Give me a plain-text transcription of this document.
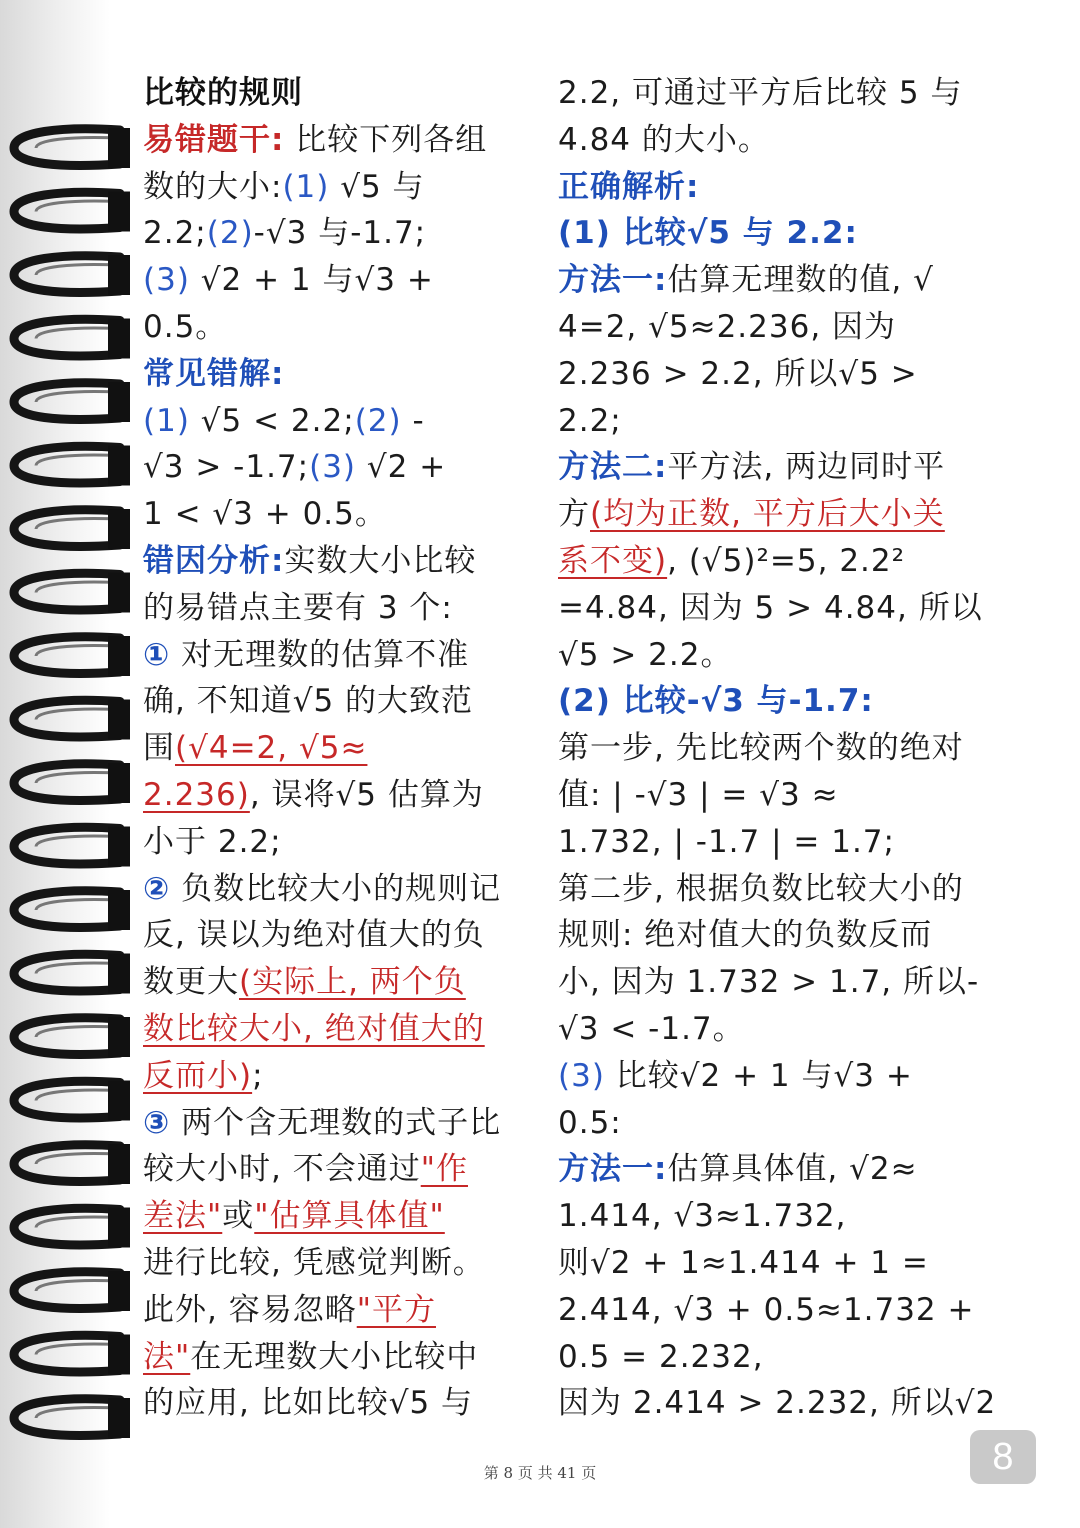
比较的规则
易错题干: 比较下列各组
数的大小:(1) √5 与
2.2;(2)-√3 与-1.7;
(3) √2 + 1 与√3 +
0.5。
常见错解:
(1) √5 < 2.2;(2) -
√3 > -1.7;(3) √2 +
1 < √3 + 0.5。
错因分析:实数大小比较
的易错点主要有 3 个:
① 对无理数的估算不准
确, 不知道√5 的大致范
围(√4=2, √5≈
2.236), 误将√5 估算为
小于 2.2;
② 负数比较大小的规则记
反, 误以为绝对值大的负
数更大(实际上, 两个负
数比较大小, 绝对值大的
反而小);
③ 两个含无理数的式子比
较大小时, 不会通过"作
差法"或"估算具体值"
进行比较, 凭感觉判断。
此外, 容易忽略"平方
法"在无理数大小比较中
的应用, 比如比较√5 与
2.2, 可通过平方后比较 5 与
4.84 的大小。
正确解析:
(1) 比较√5 与 2.2:
方法一:估算无理数的值, √
4=2, √5≈2.236, 因为
2.236 > 2.2, 所以√5 >
2.2;
方法二:平方法, 两边同时平
方(均为正数, 平方后大小关
系不变), (√5)²=5, 2.2²
=4.84, 因为 5 > 4.84, 所以
√5 > 2.2。
(2) 比较-√3 与-1.7:
第一步, 先比较两个数的绝对
值: | -√3 | = √3 ≈
1.732, | -1.7 | = 1.7;
第二步, 根据负数比较大小的
规则: 绝对值大的负数反而
小, 因为 1.732 > 1.7, 所以-
√3 < -1.7。
(3) 比较√2 + 1 与√3 +
0.5:
方法一:估算具体值, √2≈
1.414, √3≈1.732,
则√2 + 1≈1.414 + 1 =
2.414, √3 + 0.5≈1.732 +
0.5 = 2.232,
因为 2.414 > 2.232, 所以√2
第 8 页 共 41 页	8
